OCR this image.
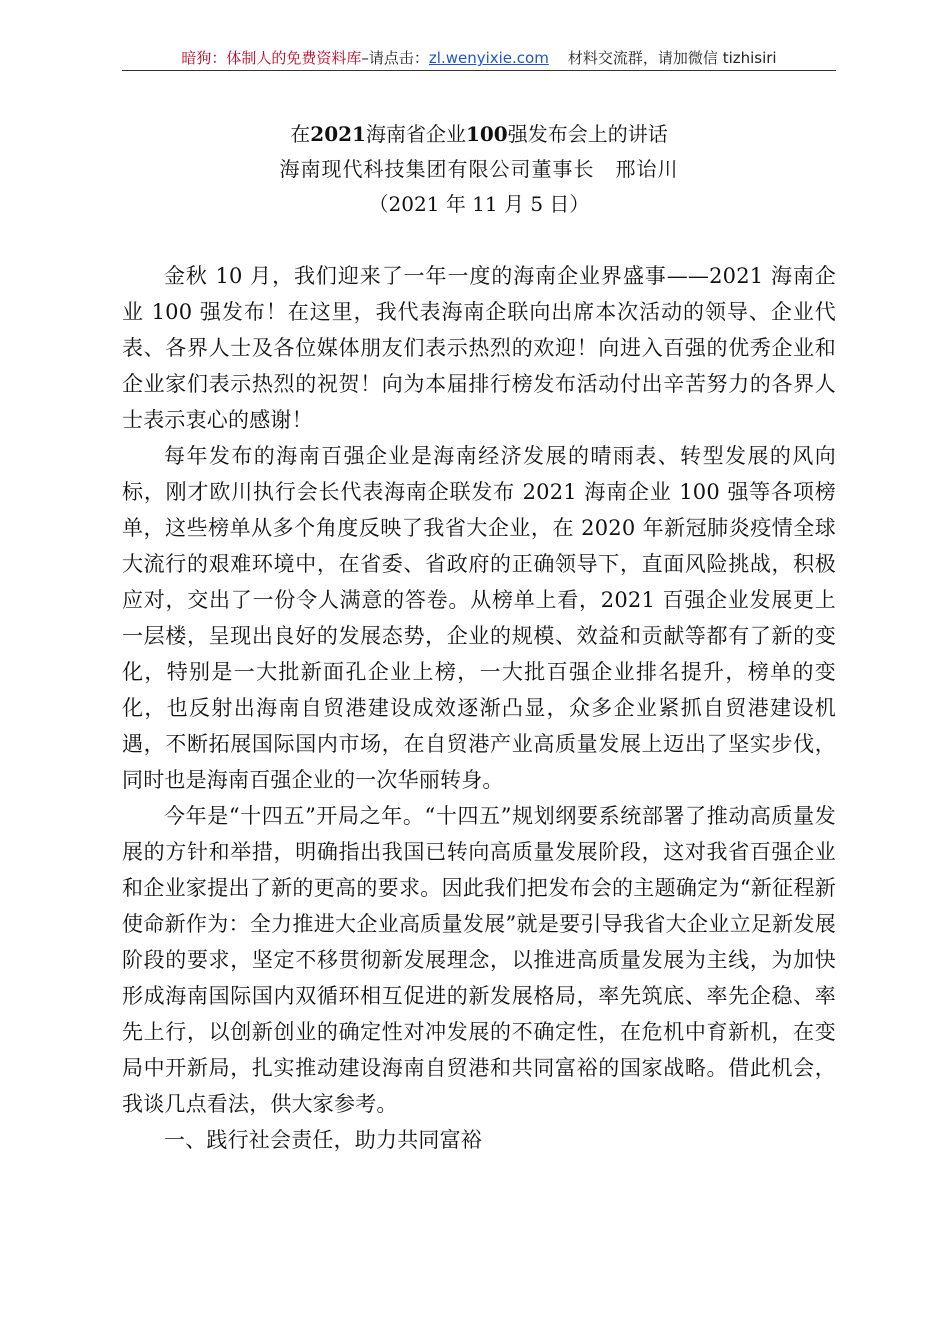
暗狗：体制人的免费资料库–请点击：zl.wenyixie.com 材料交流群，请加微信 tizhisiri
在2021海南省企业100强发布会上的讲话
海南现代科技集团有限公司董事长　邢诒川
（2021 年 11 月 5 日）

金秋 10 月，我们迎来了一年一度的海南企业界盛事——2021 海南企业 100 强发布！在这里，我代表海南企联向出席本次活动的领导、企业代表、各界人士及各位媒体朋友们表示热烈的欢迎！向进入百强的优秀企业和企业家们表示热烈的祝贺！向为本届排行榜发布活动付出辛苦努力的各界人士表示衷心的感谢！

每年发布的海南百强企业是海南经济发展的晴雨表、转型发展的风向标，刚才欧川执行会长代表海南企联发布 2021 海南企业 100 强等各项榜单，这些榜单从多个角度反映了我省大企业，在 2020 年新冠肺炎疫情全球大流行的艰难环境中，在省委、省政府的正确领导下，直面风险挑战，积极应对，交出了一份令人满意的答卷。从榜单上看，2021 百强企业发展更上一层楼，呈现出良好的发展态势，企业的规模、效益和贡献等都有了新的变化，特别是一大批新面孔企业上榜，一大批百强企业排名提升，榜单的变化，也反射出海南自贸港建设成效逐渐凸显，众多企业紧抓自贸港建设机遇，不断拓展国际国内市场，在自贸港产业高质量发展上迈出了坚实步伐，同时也是海南百强企业的一次华丽转身。

今年是“十四五”开局之年。“十四五”规划纲要系统部署了推动高质量发展的方针和举措，明确指出我国已转向高质量发展阶段，这对我省百强企业和企业家提出了新的更高的要求。因此我们把发布会的主题确定为“新征程新使命新作为：全力推进大企业高质量发展”就是要引导我省大企业立足新发展阶段的要求，坚定不移贯彻新发展理念，以推进高质量发展为主线，为加快形成海南国际国内双循环相互促进的新发展格局，率先筑底、率先企稳、率先上行，以创新创业的确定性对冲发展的不确定性，在危机中育新机，在变局中开新局，扎实推动建设海南自贸港和共同富裕的国家战略。借此机会，我谈几点看法，供大家参考。

一、践行社会责任，助力共同富裕
